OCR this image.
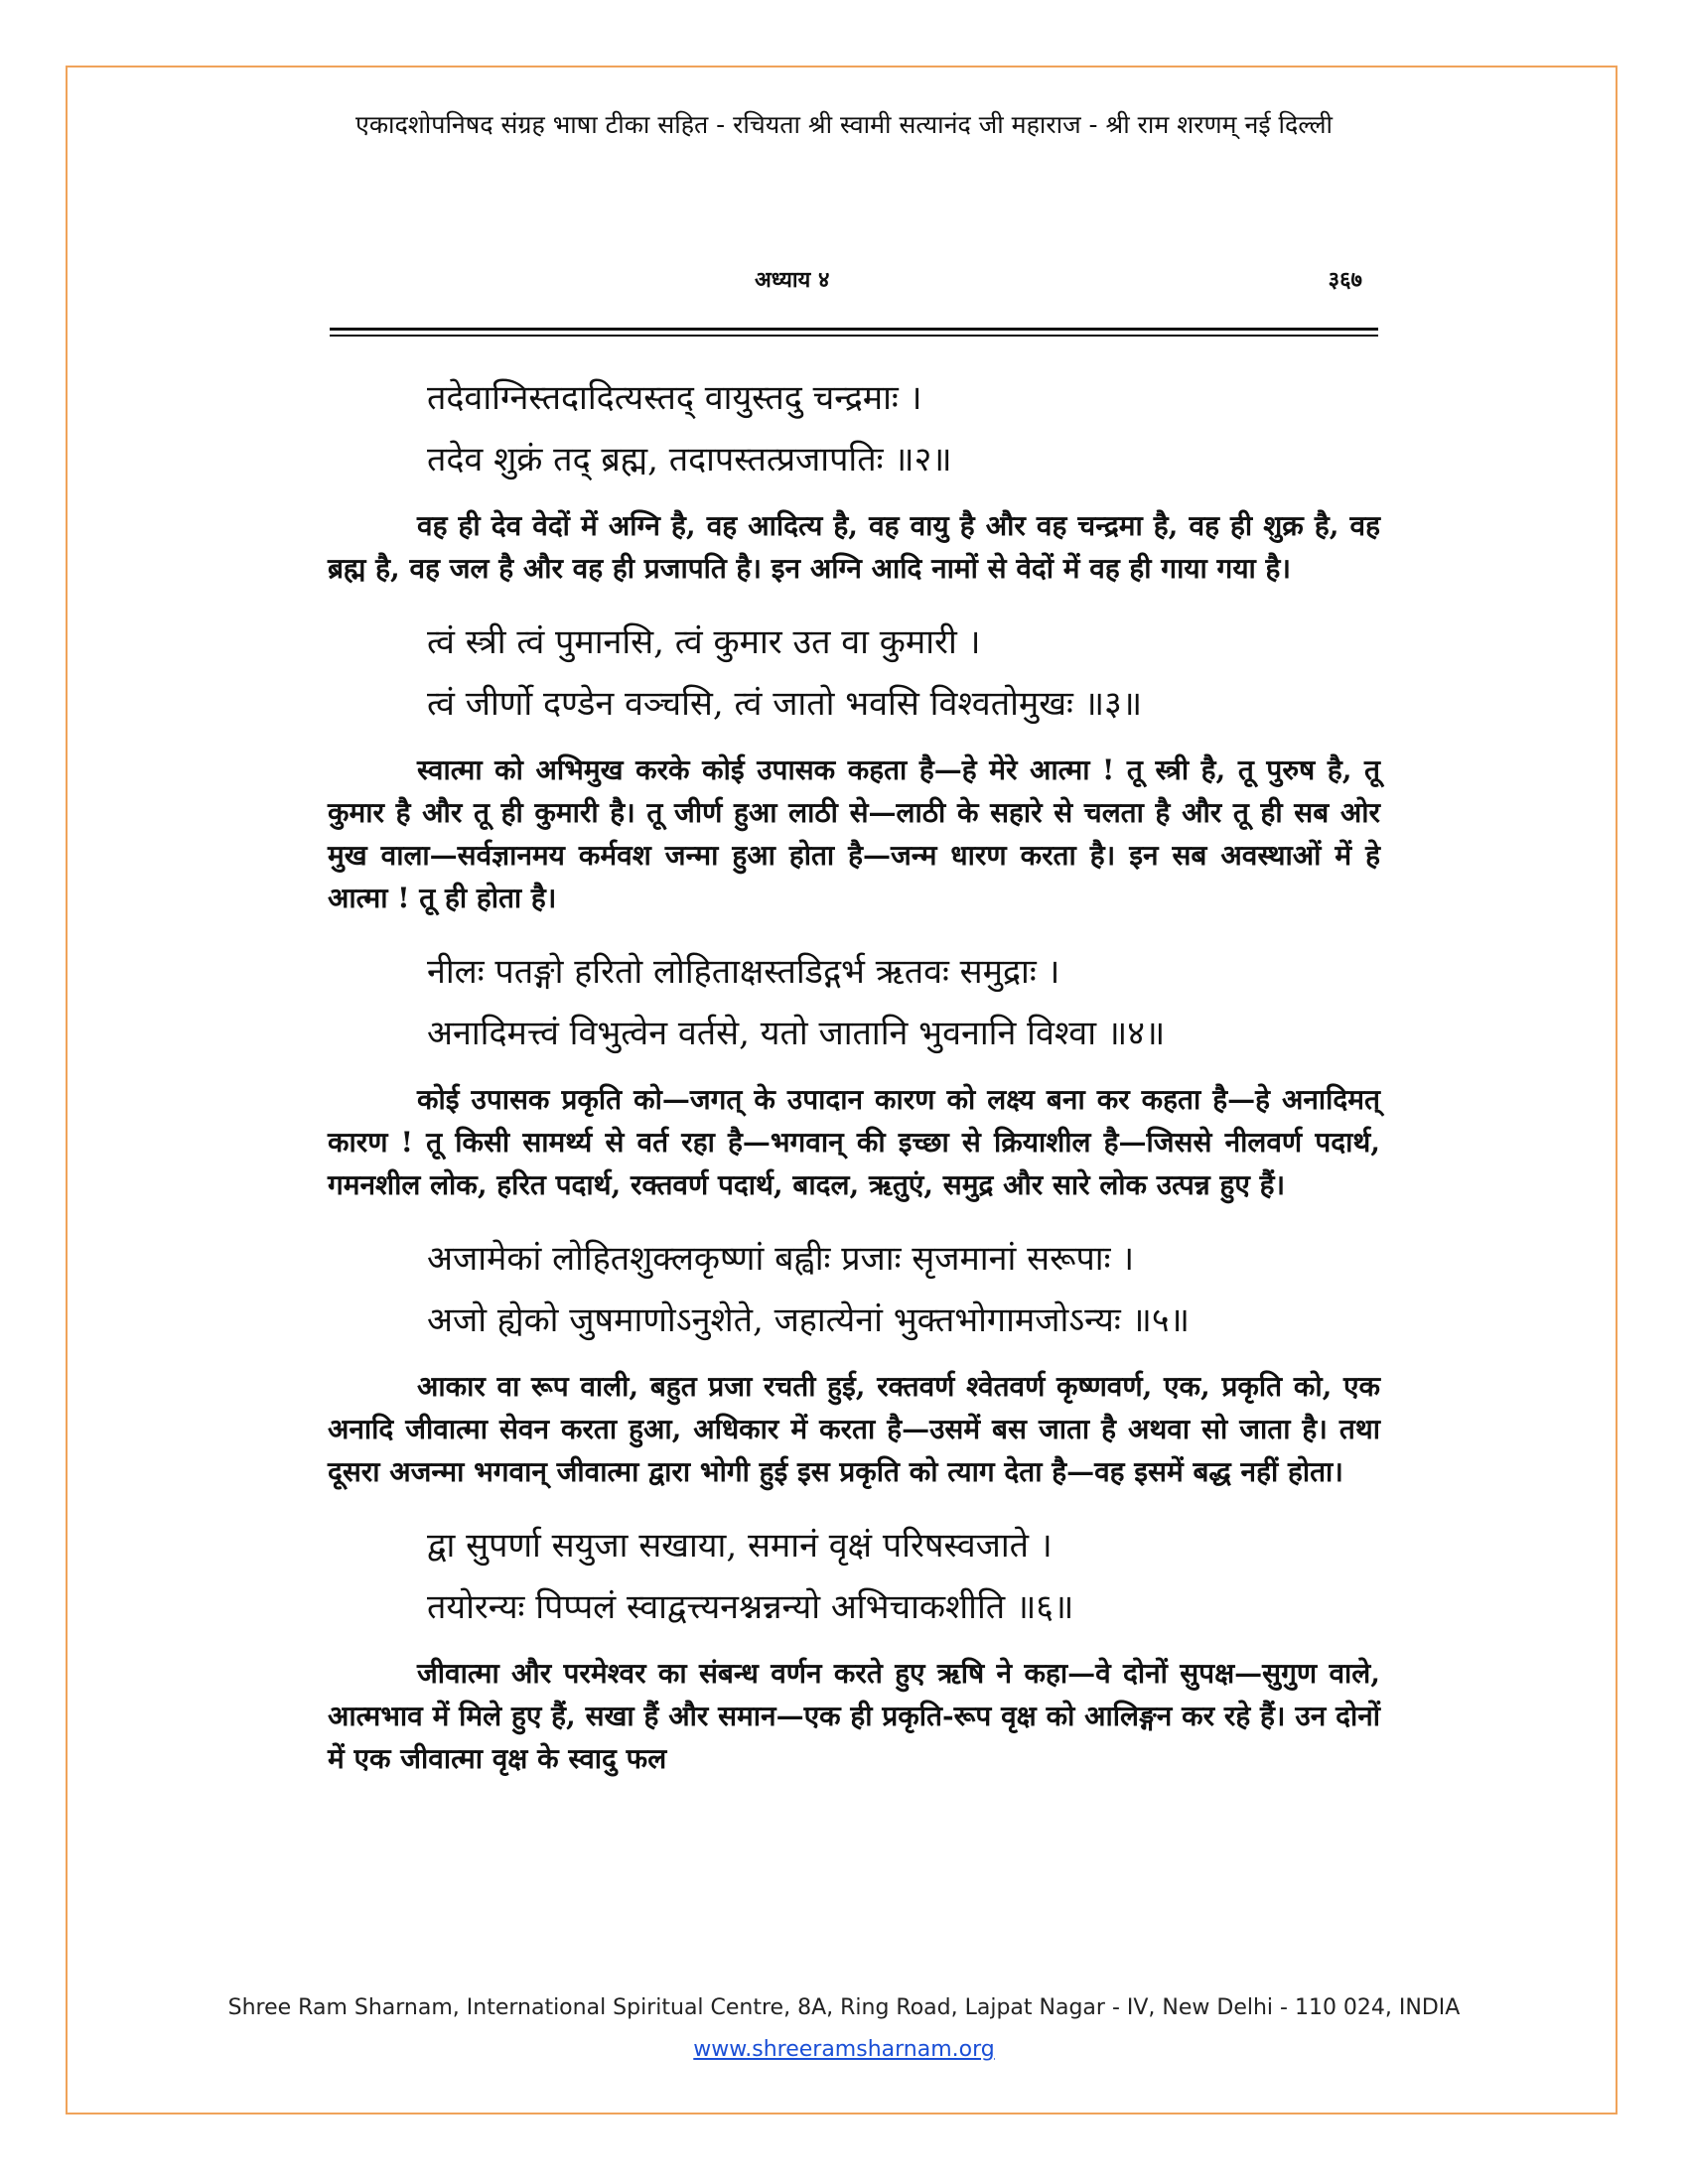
एकादशोपनिषद संग्रह भाषा टीका सहित - रचियता श्री स्वामी सत्यानंद जी महाराज - श्री राम शरणम् नई दिल्ली
अध्याय ४	३६७
तदेवाग्निस्तदादित्यस्तद् वायुस्तदु चन्द्रमाः ।
तदेव शुक्रं तद् ब्रह्म, तदापस्तत्प्रजापतिः ॥२॥

वह ही देव वेदों में अग्नि है, वह आदित्य है, वह वायु है और वह चन्द्रमा है, वह ही शुक्र है, वह ब्रह्म है, वह जल है और वह ही प्रजापति है। इन अग्नि आदि नामों से वेदों में वह ही गाया गया है।

त्वं स्त्री त्वं पुमानसि, त्वं कुमार उत वा कुमारी ।
त्वं जीर्णो दण्डेन वञ्चसि, त्वं जातो भवसि विश्वतोमुखः ॥३॥

स्वात्मा को अभिमुख करके कोई उपासक कहता है—हे मेरे आत्मा ! तू स्त्री है, तू पुरुष है, तू कुमार है और तू ही कुमारी है। तू जीर्ण हुआ लाठी से—लाठी के सहारे से चलता है और तू ही सब ओर मुख वाला—सर्वज्ञानमय कर्मवश जन्मा हुआ होता है—जन्म धारण करता है। इन सब अवस्थाओं में हे आत्मा ! तू ही होता है।

नीलः पतङ्गो हरितो लोहिताक्षस्तडिद्गर्भ ऋतवः समुद्राः ।
अनादिमत्त्वं विभुत्वेन वर्तसे, यतो जातानि भुवनानि विश्वा ॥४॥

कोई उपासक प्रकृति को—जगत् के उपादान कारण को लक्ष्य बना कर कहता है—हे अनादिमत् कारण ! तू किसी सामर्थ्य से वर्त रहा है—भगवान् की इच्छा से क्रियाशील है—जिससे नीलवर्ण पदार्थ, गमनशील लोक, हरित पदार्थ, रक्तवर्ण पदार्थ, बादल, ऋतुएं, समुद्र और सारे लोक उत्पन्न हुए हैं।

अजामेकां लोहितशुक्लकृष्णां बह्वीः प्रजाः सृजमानां सरूपाः ।
अजो ह्येको जुषमाणोऽनुशेते, जहात्येनां भुक्तभोगामजोऽन्यः ॥५॥

आकार वा रूप वाली, बहुत प्रजा रचती हुई, रक्तवर्ण श्वेतवर्ण कृष्णवर्ण, एक, प्रकृति को, एक अनादि जीवात्मा सेवन करता हुआ, अधिकार में करता है—उसमें बस जाता है अथवा सो जाता है। तथा दूसरा अजन्मा भगवान् जीवात्मा द्वारा भोगी हुई इस प्रकृति को त्याग देता है—वह इसमें बद्ध नहीं होता।

द्वा सुपर्णा सयुजा सखाया, समानं वृक्षं परिषस्वजाते ।
तयोरन्यः पिप्पलं स्वाद्वत्त्यनश्नन्नन्यो अभिचाकशीति ॥६॥

जीवात्मा और परमेश्वर का संबन्ध वर्णन करते हुए ऋषि ने कहा—वे दोनों सुपक्ष—सुगुण वाले, आत्मभाव में मिले हुए हैं, सखा हैं और समान—एक ही प्रकृति-रूप वृक्ष को आलिङ्गन कर रहे हैं। उन दोनों में एक जीवात्मा वृक्ष के स्वादु फल

Shree Ram Sharnam, International Spiritual Centre, 8A, Ring Road, Lajpat Nagar - IV, New Delhi - 110 024, INDIA
www.shreeramsharnam.org
